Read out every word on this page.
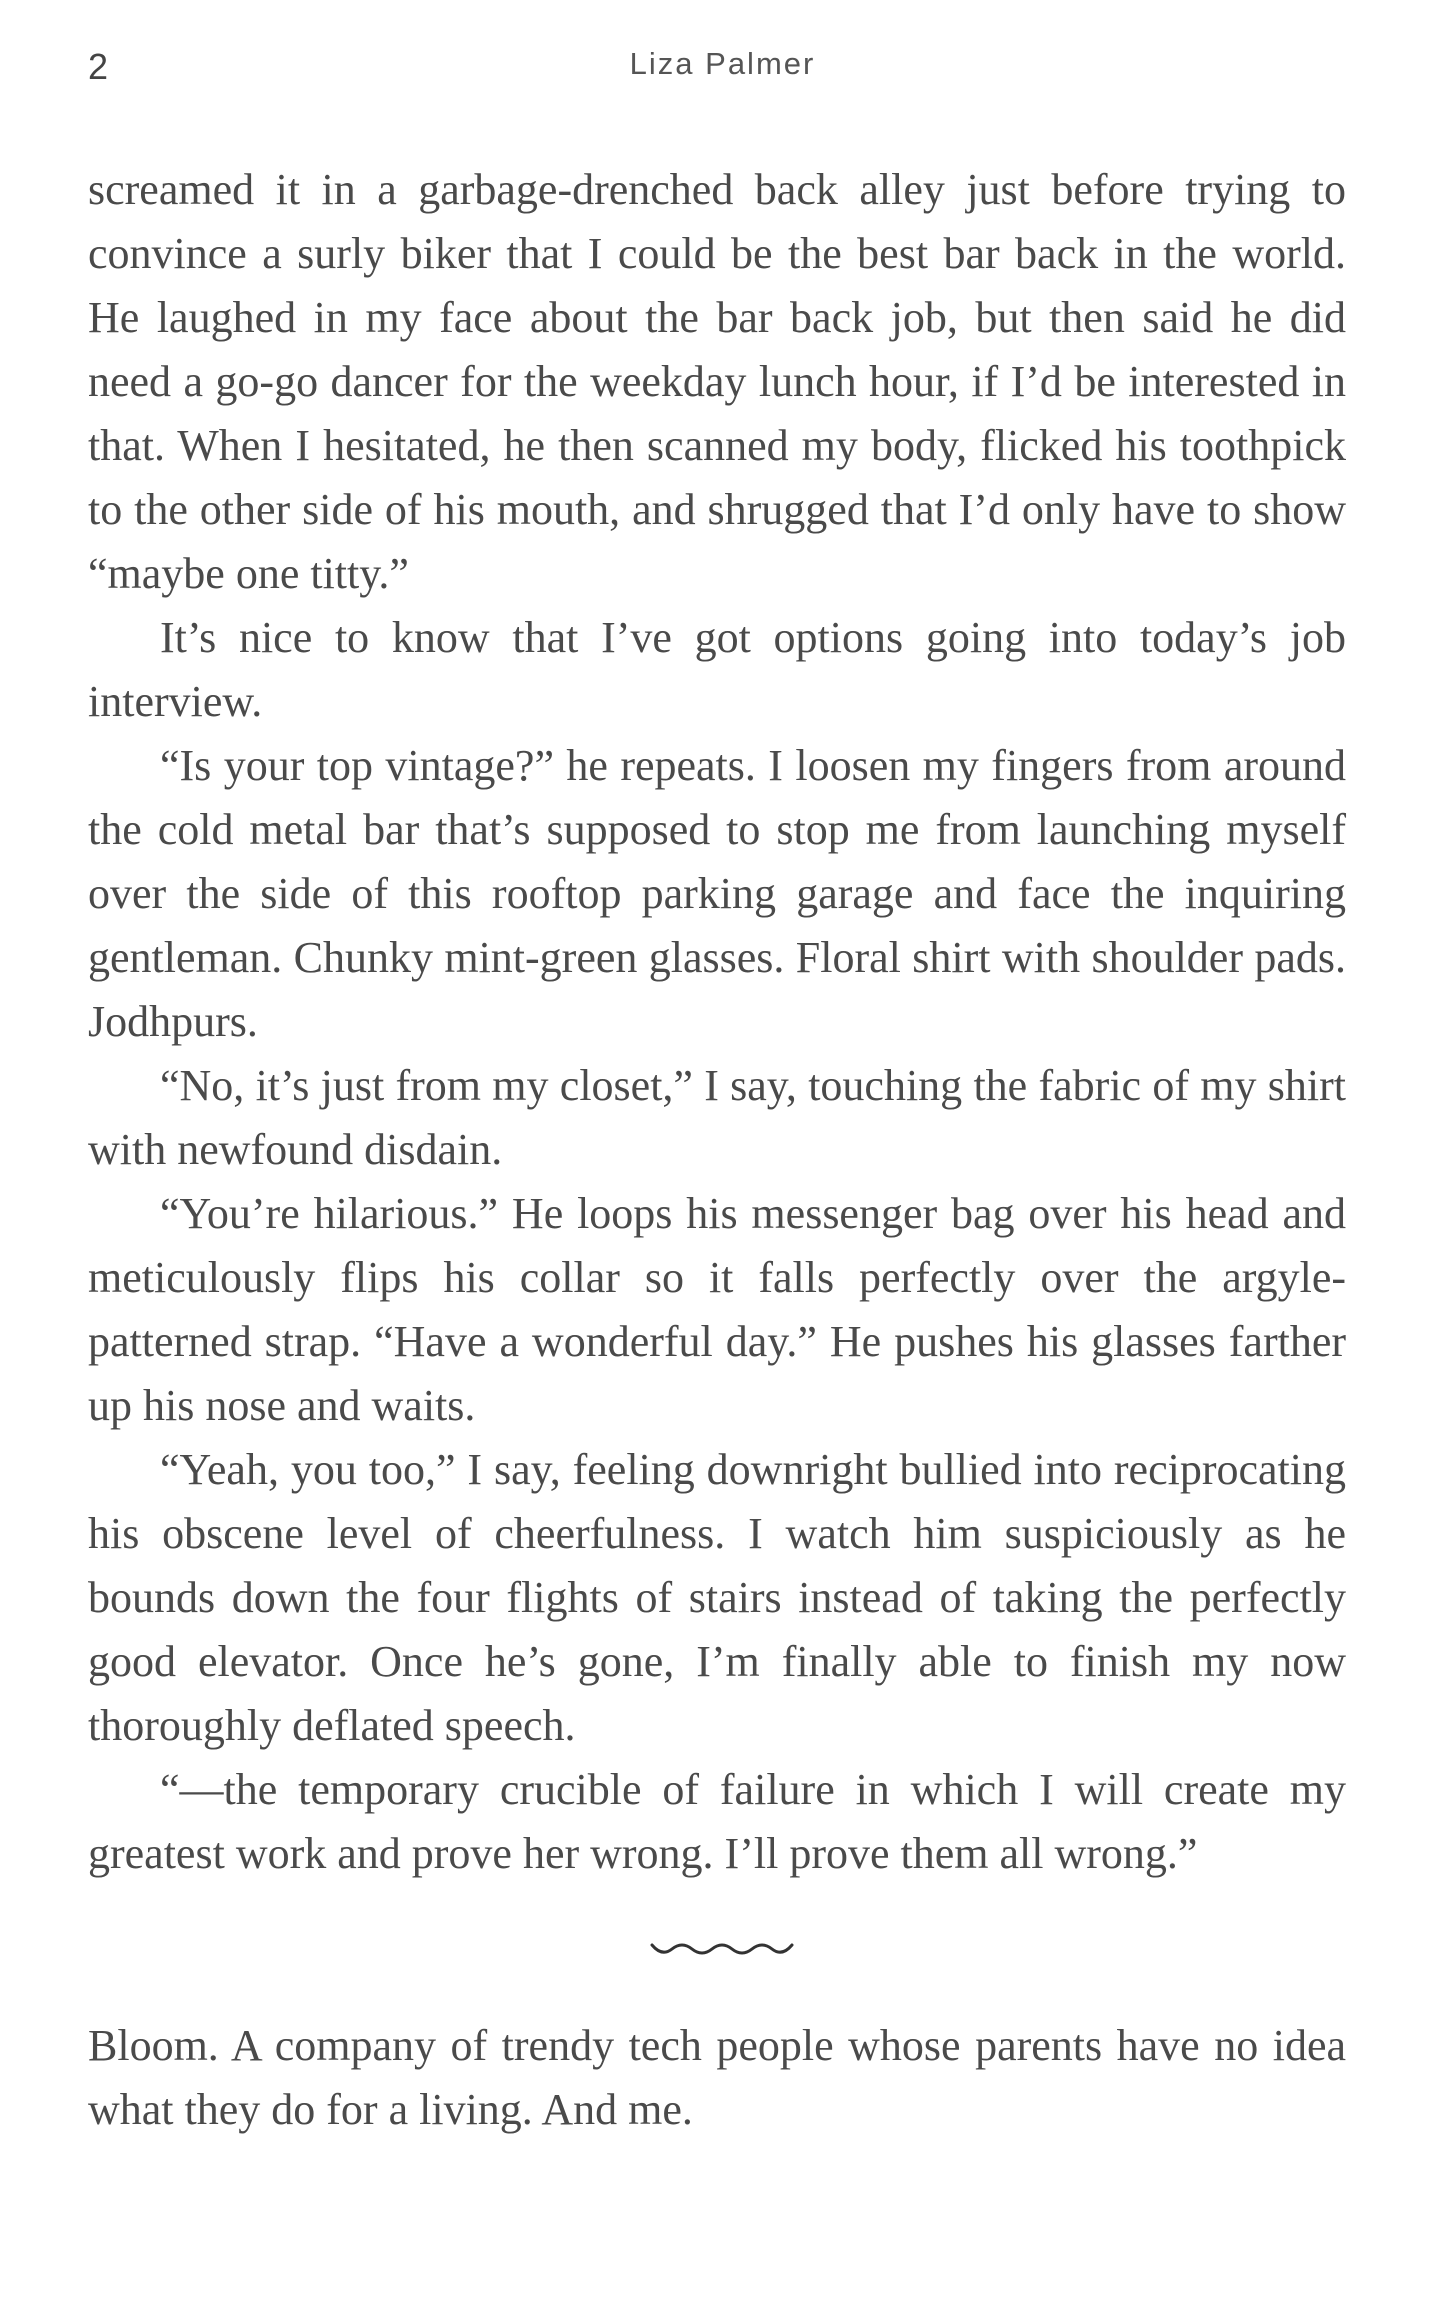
2	Liza Palmer

screamed it in a garbage-drenched back alley just before trying to convince a surly biker that I could be the best bar back in the world. He laughed in my face about the bar back job, but then said he did need a go-go dancer for the weekday lunch hour, if I’d be interested in that. When I hesitated, he then scanned my body, flicked his toothpick to the other side of his mouth, and shrugged that I’d only have to show “maybe one titty.”

It’s nice to know that I’ve got options going into today’s job interview.

“Is your top vintage?” he repeats. I loosen my fingers from around the cold metal bar that’s supposed to stop me from launching myself over the side of this rooftop parking garage and face the inquiring gentleman. Chunky mint-green glasses. Floral shirt with shoulder pads. Jodhpurs.

“No, it’s just from my closet,” I say, touching the fabric of my shirt with newfound disdain.

“You’re hilarious.” He loops his messenger bag over his head and meticulously flips his collar so it falls perfectly over the argyle-patterned strap. “Have a wonderful day.” He pushes his glasses farther up his nose and waits.

“Yeah, you too,” I say, feeling downright bullied into reciprocating his obscene level of cheerfulness. I watch him suspiciously as he bounds down the four flights of stairs instead of taking the perfectly good elevator. Once he’s gone, I’m finally able to finish my now thoroughly deflated speech.

“—the temporary crucible of failure in which I will create my greatest work and prove her wrong. I’ll prove them all wrong.”

Bloom. A company of trendy tech people whose parents have no idea what they do for a living. And me.
